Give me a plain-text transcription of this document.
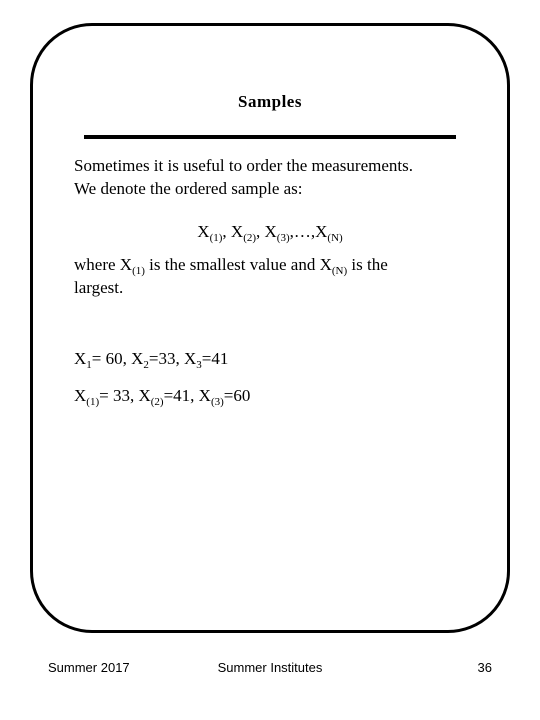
Samples
Sometimes it is useful to order the measurements.
We denote the ordered sample as:
$X_{(1)}$, $X_{(2)}$, $X_{(3)},\dots,X_{(N)}$
where $X_{(1)}$ is the smallest value and $X_{(N)}$ is the
largest.
$X_1= 60$, $X_2=33$, $X_3=41$
$X_{(1)}= 33$, $X_{(2)}=41$, $X_{(3)}=60$
Summer 2017	Summer Institutes	36
